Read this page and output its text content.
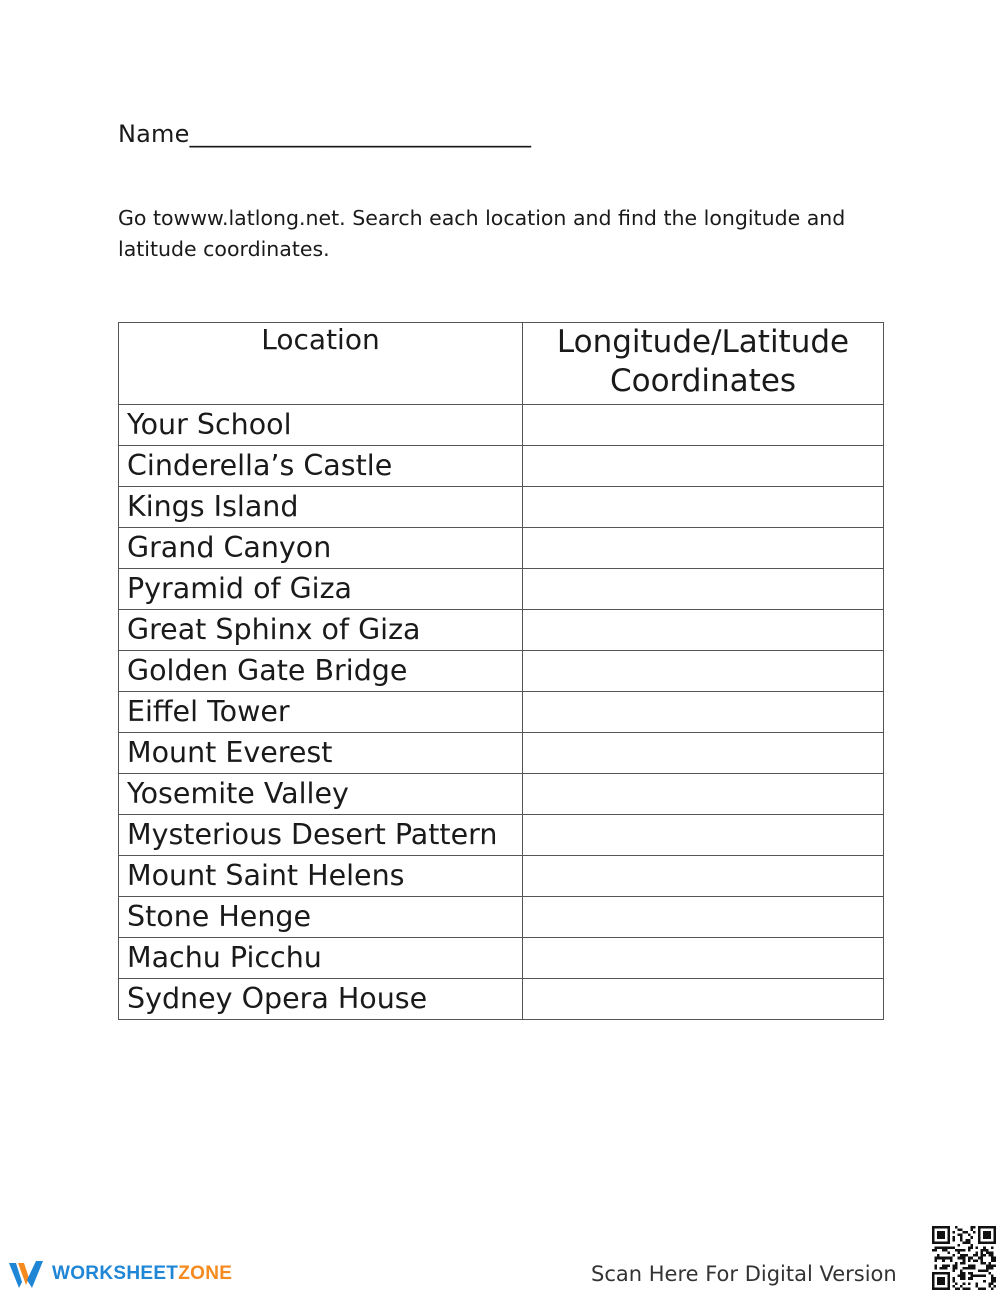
Name____________________________
Go towww.latlong.net. Search each location and find the longitude and latitude coordinates.
Location	Longitude/Latitude Coordinates
Your School	
Cinderella’s Castle	
Kings Island	
Grand Canyon	
Pyramid of Giza	
Great Sphinx of Giza	
Golden Gate Bridge	
Eiffel Tower	
Mount Everest	
Yosemite Valley	
Mysterious Desert Pattern	
Mount Saint Helens	
Stone Henge	
Machu Picchu	
Sydney Opera House	
WORKSHEETZONE	Scan Here For Digital Version
